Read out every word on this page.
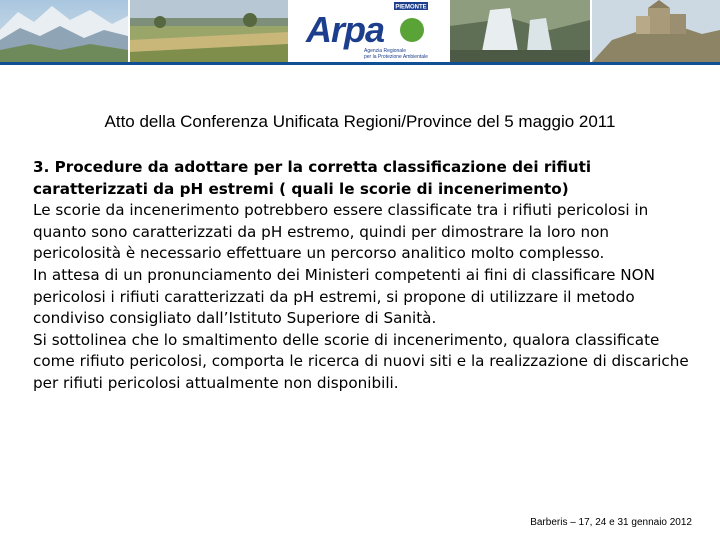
PIEMONTE
Arpa
Agenzia Regionale
per la Protezione Ambientale
Atto della Conferenza Unificata Regioni/Province del 5 maggio 2011

3. Procedure da adottare per la corretta classificazione dei rifiuti caratterizzati da pH estremi ( quali le scorie di incenerimento)

Le scorie da incenerimento potrebbero essere classificate tra i rifiuti pericolosi in quanto sono caratterizzati da pH estremo, quindi per dimostrare la loro non pericolosità è necessario effettuare un percorso analitico molto complesso.

In attesa di un pronunciamento dei Ministeri competenti ai fini di classificare NON pericolosi i rifiuti caratterizzati da pH estremi, si propone di utilizzare il metodo condiviso consigliato dall’Istituto Superiore di Sanità.

Si sottolinea che lo smaltimento delle scorie di incenerimento, qualora classificate come rifiuto pericolosi, comporta le ricerca di nuovi siti e la realizzazione di discariche per rifiuti pericolosi attualmente non disponibili.

Barberis – 17, 24 e 31 gennaio 2012
